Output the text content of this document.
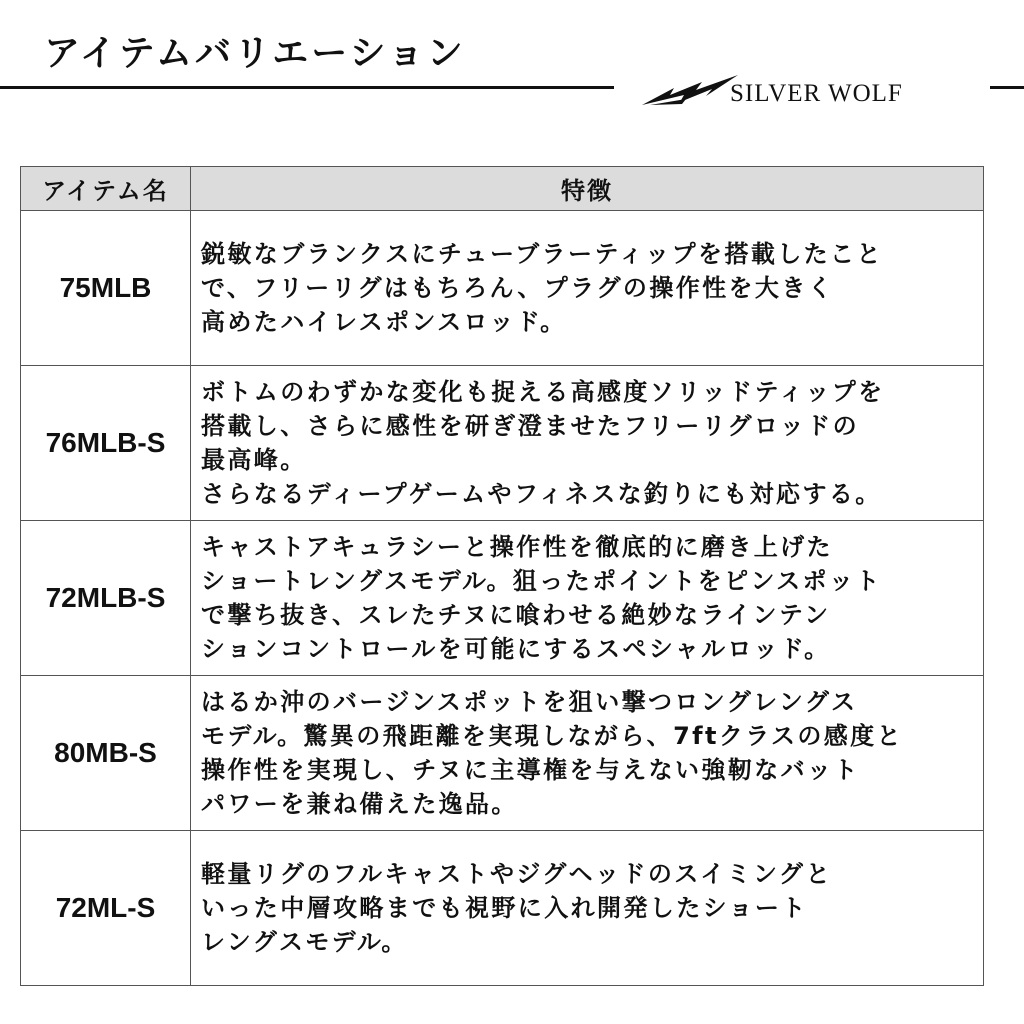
アイテムバリエーション
SILVER WOLF
アイテム名	特徴
75MLB	鋭敏なブランクスにチューブラーティップを搭載したこと
で、フリーリグはもちろん、プラグの操作性を大きく
高めたハイレスポンスロッド。

76MLB-S	ボトムのわずかな変化も捉える高感度ソリッドティップを
搭載し、さらに感性を研ぎ澄ませたフリーリグロッドの
最高峰。
さらなるディープゲームやフィネスな釣りにも対応する。

72MLB-S	キャストアキュラシーと操作性を徹底的に磨き上げた
ショートレングスモデル。狙ったポイントをピンスポット
で撃ち抜き、スレたチヌに喰わせる絶妙なラインテン
ションコントロールを可能にするスペシャルロッド。

80MB-S	はるか沖のバージンスポットを狙い撃つロングレングス
モデル。驚異の飛距離を実現しながら、7ftクラスの感度と
操作性を実現し、チヌに主導権を与えない強靭なバット
パワーを兼ね備えた逸品。

72ML-S	軽量リグのフルキャストやジグヘッドのスイミングと
いった中層攻略までも視野に入れ開発したショート
レングスモデル。
